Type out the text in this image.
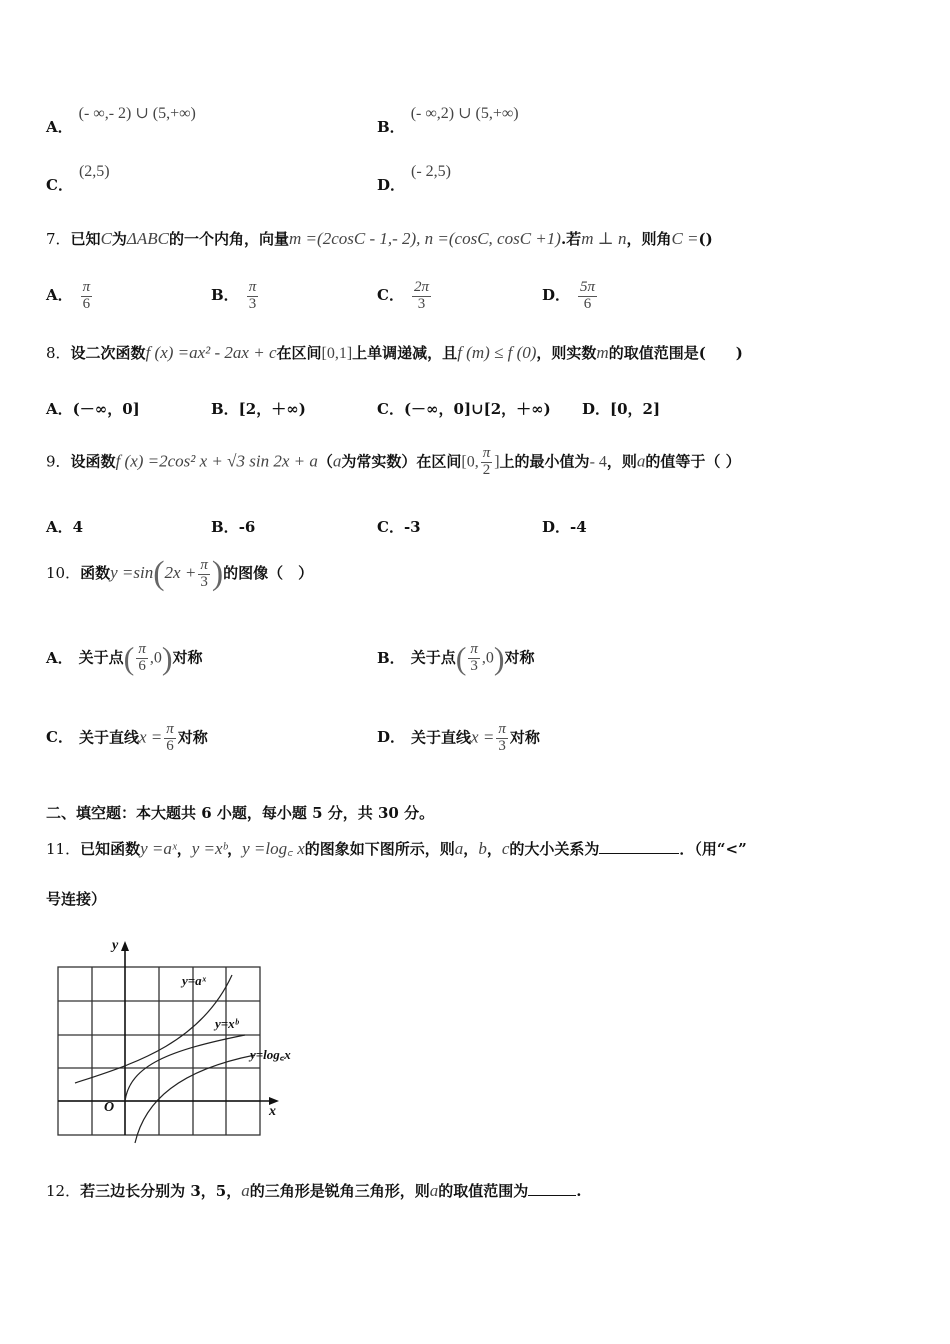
A．(- ∞,- 2) ∪ (5,+∞)
B．(- ∞,2) ∪ (5,+∞)
C．(2,5)
D．(- 2,5)
7．已知C为ΔABC的一个内角，向量m =(2cosC - 1,- 2), n =(cosC, cosC +1).若m ⊥ n，则角C =()
A． $\frac{\pi}{6}$	B． $\frac{\pi}{3}$	C． $\frac{2\pi}{3}$	D． $\frac{5\pi}{6}$
8．设二次函数f (x) =ax² - 2ax + c在区间[0,1]上单调递减，且f (m) ≤ f (0)，则实数m的取值范围是(　　)
A．(－∞，0]	B．[2，＋∞)	C．(－∞，0]∪[2，＋∞) D．[0，2]
9．设函数f (x) =2cos² x + √3 sin 2x + a（a为常实数）在区间[0, $\frac{\pi}{2}$ ]上的最小值为- 4，则a的值等于（ ）
A．4	B．-6	C．-3	D．-4
10．函数$y =\sin(2x + \frac{\pi}{3}$ )的图像（　）
A． 关于点( $\frac{\pi}{6} ,0$)对称	B． 关于点( $\frac{\pi}{3} ,0$)对称
C． 关于直线$x = \frac{\pi}{6}$ 对称	D． 关于直线$x = \frac{\pi}{3}$ 对称
二、填空题：本大题共 6 小题，每小题 5 分，共 30 分。
11．已知函数y =aˣ，y =xᵇ，y =log꜀ x的图象如下图所示，则a，b，c的大小关系为	．（用“<”
号连接）
y
x
O
y=aˣ
y=xᵇ
y=log꜀x
12．若三边长分别为 3，5，a的三角形是锐角三角形，则a的取值范围为	.
